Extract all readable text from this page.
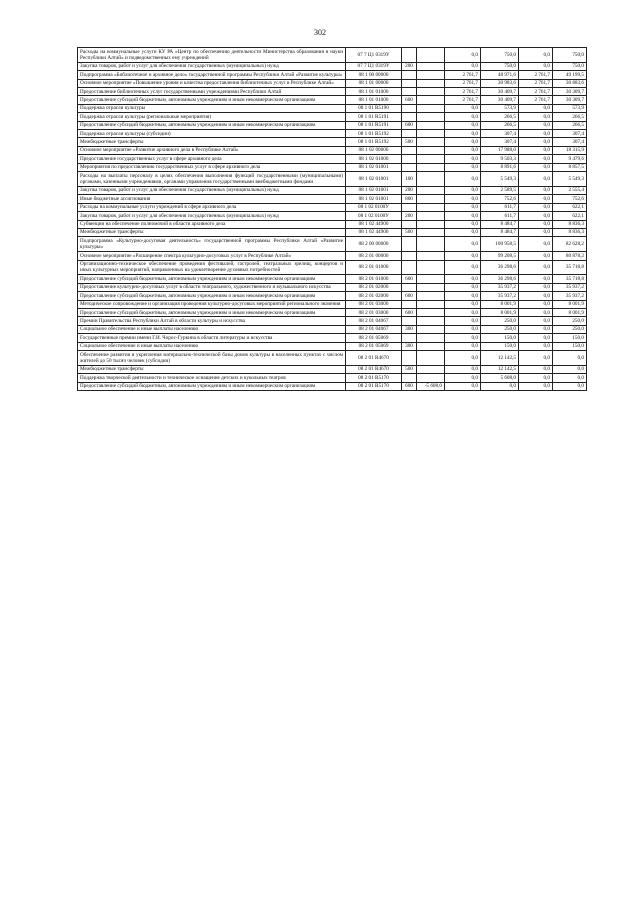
302
Расходы на коммунальные услуги КУ РА «Центр по обеспечению деятельности Министерства образования и науки Республики Алтай» и подведомственных ему учреждений	07 7 Ц1 0319У			0,0	750,0	0,0	750,0
Закупка товаров, работ и услуг для обеспечения государственных (муниципальных) нужд	07 7 Ц1 0319У	200		0,0	750,0	0,0	750,0
Подпрограмма «Библиотечное и архивное дело» государственной программы Республики Алтай «Развитие культуры»	08 1 00 00000			2 761,7	48 971,6	2 761,7	49 199,5
Основное мероприятие «Повышение уровня и качества предоставления библиотечных услуг в Республике Алтай»	08 1 01 00000			2 761,7	30 983,6	2 761,7	30 883,6
Предоставление библиотечных услуг государственными учреждениями Республики Алтай	08 1 01 01000			2 761,7	30 409,7	2 761,7	30 309,7
Предоставление субсидий бюджетным, автономным учреждениям и иным некоммерческим организациям	08 1 01 01000	600		2 761,7	30 409,7	2 761,7	30 309,7
Поддержка отрасли культуры	08 1 01 R5190			0,0	573,9	0,0	573,9
Поддержка отрасли культуры (региональные мероприятия)	08 1 01 R5191			0,0	266,5	0,0	266,5
Предоставление субсидий бюджетным, автономным учреждениям и иным некоммерческим организациям	08 1 01 R5191	600		0,0	266,5	0,0	266,5
Поддержка отрасли культуры (субсидии)	08 1 01 R5192			0,0	307,4	0,0	307,4
Межбюджетные трансферты	08 1 01 R5192	500		0,0	307,4	0,0	307,4
Основное мероприятие «Развитие архивного дела в Республике Алтай»	08 1 02 00000			0,0	17 988,0	0,0	18 315,9
Предоставление государственных услуг в сфере архивного дела	08 1 02 01000			0,0	9 503,3	0,0	9 479,6
Мероприятия по предоставлению государственных услуг в сфере архивного дела	08 1 02 01001			0,0	8 891,6	0,0	8 857,5
Расходы на выплаты персоналу в целях обеспечения выполнения функций государственными (муниципальными) органами, казенными учреждениями, органами управления государственными внебюджетными фондами	08 1 02 01001	100		0,0	5 549,3	0,0	5 549,3
Закупка товаров, работ и услуг для обеспечения государственных (муниципальных) нужд	08 1 02 01001	200		0,0	2 589,5	0,0	2 555,4
Иные бюджетные ассигнования	08 1 02 01001	800		0,0	752,6	0,0	752,6
Расходы на коммунальные услуги учреждений в сфере архивного дела	08 1 02 0100У			0,0	611,7	0,0	622,1
Закупка товаров, работ и услуг для обеспечения государственных (муниципальных) нужд	08 1 02 0100У	200		0,0	611,7	0,0	622,1
Субвенции на обеспечение полномочий в области архивного дела	08 1 02 44900			0,0	8 484,7	0,0	8 836,3
Межбюджетные трансферты	08 1 02 44900	500		0,0	8 484,7	0,0	8 836,3
Подпрограмма «Культурно-досуговая деятельность» государственной программы Республики Алтай «Развитие культуры»	08 2 00 00000			0,0	100 958,5	0,0	82 628,2
Основное мероприятие «Расширение спектра культурно-досуговых услуг в Республике Алтай»	08 2 01 00000			0,0	99 208,5	0,0	80 878,2
Организационно-техническое обеспечение проведения фестивалей, гастролей, театральных зрелищ, концертов и иных культурных мероприятий, направленных на удовлетворение духовных потребностей	08 2 01 01000			0,0	36 298,6	0,0	35 718,8
Предоставление субсидий бюджетным, автономным учреждениям и иным некоммерческим организациям	08 2 01 01000	600		0,0	36 298,6	0,0	35 718,8
Предоставление культурно-досуговых услуг в области театрального, художественного и музыкального искусства	08 2 01 02000			0,0	35 937,2	0,0	35 937,2
Предоставление субсидий бюджетным, автономным учреждениям и иным некоммерческим организациям	08 2 01 02000	600		0,0	35 937,2	0,0	35 937,2
Методическое сопровождение и организация проведения культурно-досуговых мероприятий регионального значения	08 2 01 03000			0,0	8 001,9	0,0	8 001,9
Предоставление субсидий бюджетным, автономным учреждениям и иным некоммерческим организациям	08 2 01 03000	600		0,0	8 001,9	0,0	8 001,9
Премии Правительства Республики Алтай в области культуры и искусства	08 2 01 04067			0,0	250,0	0,0	250,0
Социальное обеспечение и иные выплаты населению	08 2 01 04067	300		0,0	250,0	0,0	250,0
Государственные премии имени Г.И. Чорос-Гуркина в области литературы и искусства	08 2 01 05069			0,0	150,0	0,0	150,0
Социальное обеспечение и иные выплаты населению	08 2 01 05069	300		0,0	150,0	0,0	150,0
Обеспечение развития и укрепления материально-технической базы домов культуры в населенных пунктах с числом жителей до 50 тысяч человек (субсидии)	08 2 01 R4670			0,0	12 142,5	0,0	0,0
Межбюджетные трансферты	08 2 01 R4670	500		0,0	12 142,5	0,0	0,0
Поддержка творческой деятельности и техническое оснащение детских и кукольных театров	08 2 01 R5170			0,0	5 608,0	0,0	0,0
Предоставление субсидий бюджетным, автономным учреждениям и иным некоммерческим организациям	08 2 01 R5170	600	-5 608,0	0,0	0,0	0,0	0,0
